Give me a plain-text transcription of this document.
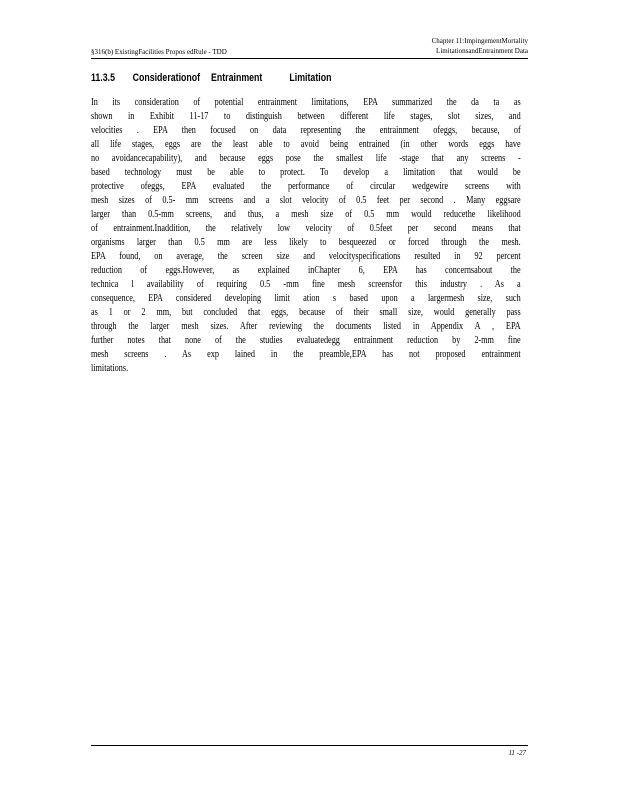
Chapter 11:ImpingementMortality
LimitationsandEntrainment Data
§316(b) ExistingFacilities Propos edRule - TDD
11.3.5	Considerationof Entrainment	Limitation
In its consideration of potential entrainment limitations, EPA summarized the da ta as
shown in Exhibit 11-17 to distinguish between different life stages, slot sizes, and
velocities . EPA then focused on data representing the entrainment ofeggs, because, of
all life stages, eggs are the least able to avoid being entrained (in other words eggs have
no avoidancecapability), and because eggs pose the smallest life -stage that any screens -
based technology must be able to protect. To develop a limitation that would be
protective ofeggs, EPA evaluated the performance of circular wedgewire screens with
mesh sizes of 0.5- mm screens and a slot velocity of 0.5 feet per second . Many eggsare
larger than 0.5-mm screens, and thus, a mesh size of 0.5 mm would reducethe likelihood
of entrainment.Inaddition, the relatively low velocity of 0.5feet per second means that
organisms larger than 0.5 mm are less likely to besqueezed or forced through the mesh.
EPA found, on average, the screen size and velocityspecifications resulted in 92 percent
reduction of eggs.However, as explained inChapter 6, EPA has concernsabout the
technica l availability of requiring 0.5 -mm fine mesh screensfor this industry . As a
consequence, EPA considered developing limit ation s based upon a largermesh size, such
as 1 or 2 mm, but concluded that eggs, because of their small size, would generally pass
through the larger mesh sizes. After reviewing the documents listed in Appendix A , EPA
further notes that none of the studies evaluatedegg entrainment reduction by 2-mm fine
mesh screens . As exp lained in the preamble,EPA has not proposed entrainment
limitations.
11 -27
